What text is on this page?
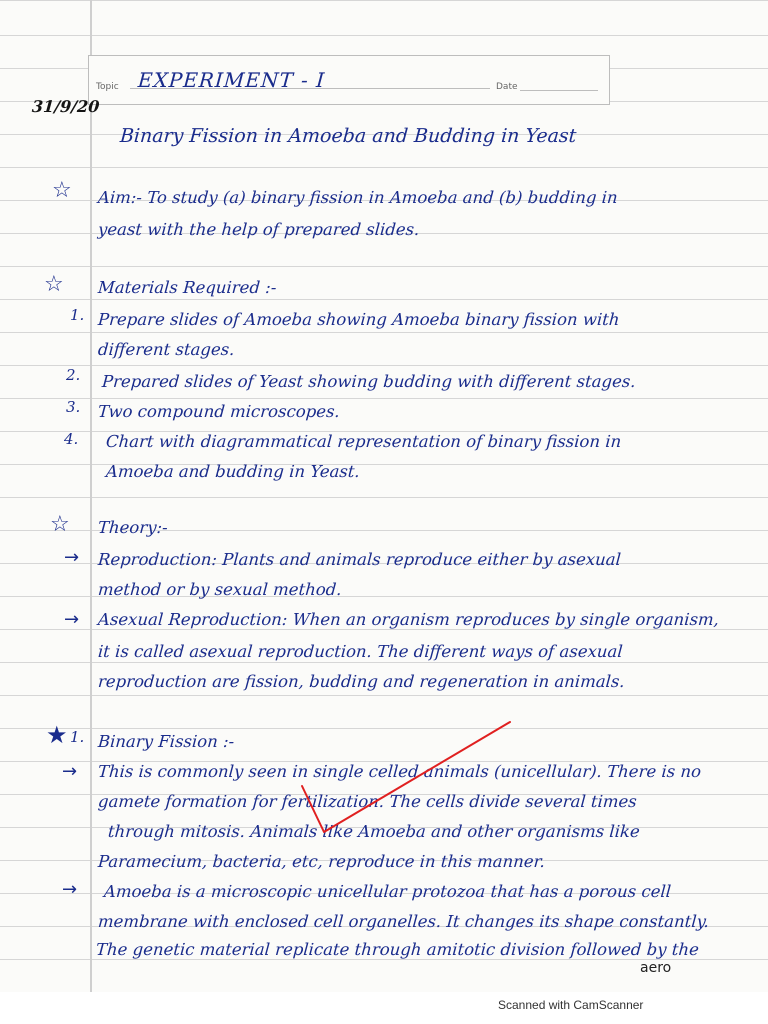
Topic	Date
EXPERIMENT - I
31/9/20
Binary Fission in Amoeba and Budding in Yeast
☆ Aim:- To study (a) binary fission in Amoeba and (b) budding in
yeast with the help of prepared slides.
☆ Materials Required :-
1. Prepare slides of Amoeba showing Amoeba binary fission with
different stages.
2. Prepared slides of Yeast showing budding with different stages.
3. Two compound microscopes.
4. Chart with diagrammatical representation of binary fission in
Amoeba and budding in Yeast.
☆ Theory:-
→ Reproduction: Plants and animals reproduce either by asexual
method or by sexual method.
→ Asexual Reproduction: When an organism reproduces by single organism,
it is called asexual reproduction. The different ways of asexual
reproduction are fission, budding and regeneration in animals.
★ 1. Binary Fission :-
→ This is commonly seen in single celled animals (unicellular). There is no
gamete formation for fertilization. The cells divide several times
through mitosis. Animals like Amoeba and other organisms like
Paramecium, bacteria, etc, reproduce in this manner.
→ Amoeba is a microscopic unicellular protozoa that has a porous cell
membrane with enclosed cell organelles. It changes its shape constantly.
The genetic material replicate through amitotic division followed by the
aero
Scanned with CamScanner
